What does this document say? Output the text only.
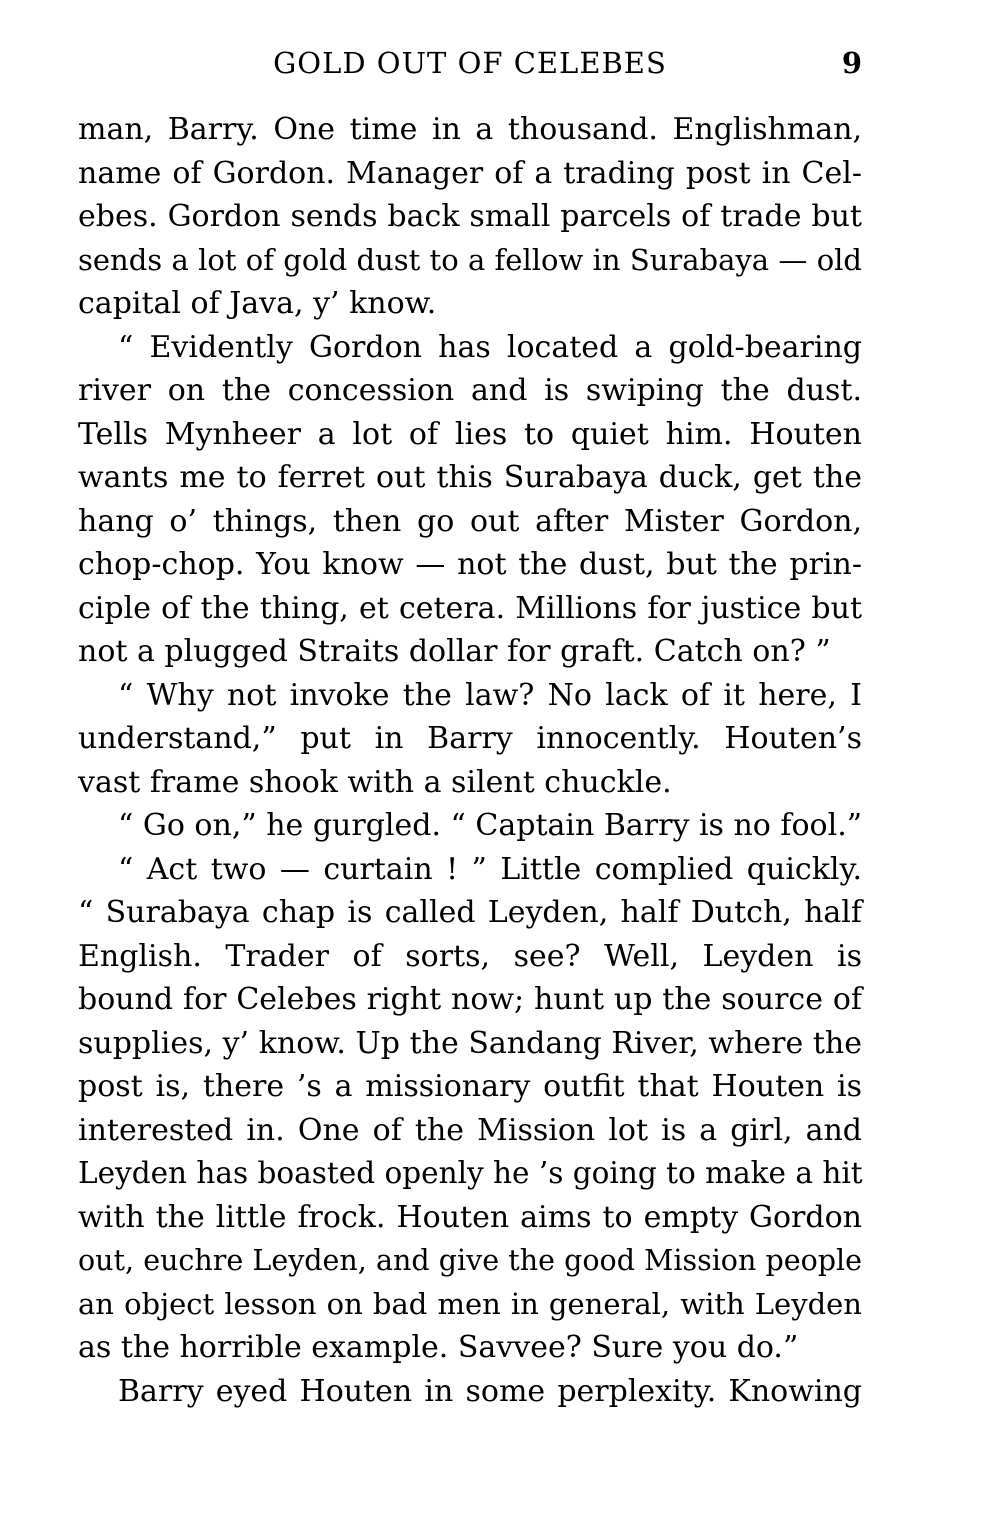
GOLD OUT OF CELEBES	9
man, Barry. One time in a thousand. Englishman,
name of Gordon. Manager of a trading post in Cel-
ebes. Gordon sends back small parcels of trade but
sends a lot of gold dust to a fellow in Surabaya — old
capital of Java, y’ know.
“ Evidently Gordon has located a gold-bearing
river on the concession and is swiping the dust.
Tells Mynheer a lot of lies to quiet him. Houten
wants me to ferret out this Surabaya duck, get the
hang o’ things, then go out after Mister Gordon,
chop-chop. You know — not the dust, but the prin-
ciple of the thing, et cetera. Millions for justice but
not a plugged Straits dollar for graft. Catch on? ”
“ Why not invoke the law? No lack of it here, I
understand,” put in Barry innocently. Houten’s
vast frame shook with a silent chuckle.
“ Go on,” he gurgled. “ Captain Barry is no fool.”
“ Act two — curtain ! ” Little complied quickly.
“ Surabaya chap is called Leyden, half Dutch, half
English. Trader of sorts, see? Well, Leyden is
bound for Celebes right now; hunt up the source of
supplies, y’ know. Up the Sandang River, where the
post is, there ’s a missionary outfit that Houten is
interested in. One of the Mission lot is a girl, and
Leyden has boasted openly he ’s going to make a hit
with the little frock. Houten aims to empty Gordon
out, euchre Leyden, and give the good Mission people
an object lesson on bad men in general, with Leyden
as the horrible example. Savvee? Sure you do.”
Barry eyed Houten in some perplexity. Knowing
